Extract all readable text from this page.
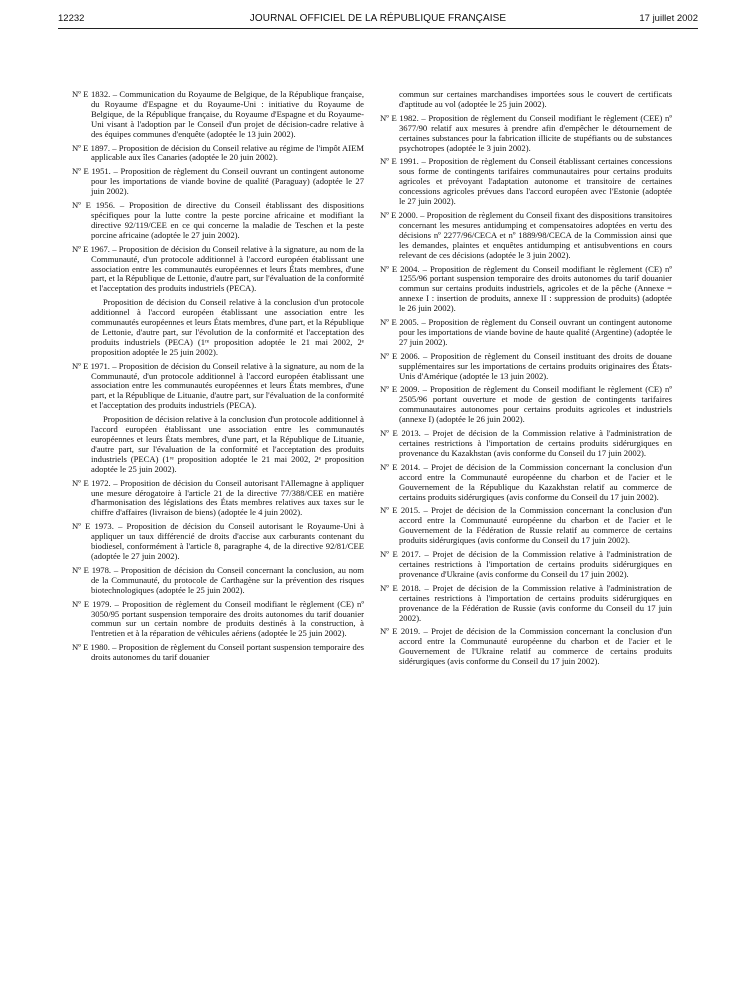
12232	JOURNAL OFFICIEL DE LA RÉPUBLIQUE FRANÇAISE	17 juillet 2002

Nº E 1832. – Communication du Royaume de Belgique, de la République française, du Royaume d'Espagne et du Royaume-Uni : initiative du Royaume de Belgique, de la République française, du Royaume d'Espagne et du Royaume-Uni visant à l'adoption par le Conseil d'un projet de décision-cadre relative à des équipes communes d'enquête (adoptée le 13 juin 2002).

Nº E 1897. – Proposition de décision du Conseil relative au régime de l'impôt AIEM applicable aux îles Canaries (adoptée le 20 juin 2002).

Nº E 1951. – Proposition de règlement du Conseil ouvrant un contingent autonome pour les importations de viande bovine de qualité (Paraguay) (adoptée le 27 juin 2002).

Nº E 1956. – Proposition de directive du Conseil établissant des dispositions spécifiques pour la lutte contre la peste porcine africaine et modifiant la directive 92/119/CEE en ce qui concerne la maladie de Teschen et la peste porcine africaine (adoptée le 27 juin 2002).

Nº E 1967. – Proposition de décision du Conseil relative à la signature, au nom de la Communauté, d'un protocole additionnel à l'accord européen établissant une association entre les communautés européennes et leurs États membres, d'une part, et la République de Lettonie, d'autre part, sur l'évaluation de la conformité et l'acceptation des produits industriels (PECA).

Proposition de décision du Conseil relative à la conclusion d'un protocole additionnel à l'accord européen établissant une association entre les communautés européennes et leurs États membres, d'une part, et la République de Lettonie, d'autre part, sur l'évolution de la conformité et l'acceptation des produits industriels (PECA) (1ʳᵉ proposition adoptée le 21 mai 2002, 2ᵉ proposition adoptée le 25 juin 2002).

Nº E 1971. – Proposition de décision du Conseil relative à la signature, au nom de la Communauté, d'un protocole additionnel à l'accord européen établissant une association entre les communautés européennes et leurs États membres, d'une part, et la République de Lituanie, d'autre part, sur l'évaluation de la conformité et l'acceptation des produits industriels (PECA).

Proposition de décision relative à la conclusion d'un protocole additionnel à l'accord européen établissant une association entre les communautés européennes et leurs États membres, d'une part, et la République de Lituanie, d'autre part, sur l'évaluation de la conformité et l'acceptation des produits industriels (PECA) (1ʳᵉ proposition adoptée le 21 mai 2002, 2ᵉ proposition adoptée le 25 juin 2002).

Nº E 1972. – Proposition de décision du Conseil autorisant l'Allemagne à appliquer une mesure dérogatoire à l'article 21 de la directive 77/388/CEE en matière d'harmonisation des législations des États membres relatives aux taxes sur le chiffre d'affaires (livraison de biens) (adoptée le 4 juin 2002).

Nº E 1973. – Proposition de décision du Conseil autorisant le Royaume-Uni à appliquer un taux différencié de droits d'accise aux carburants contenant du biodiesel, conformément à l'article 8, paragraphe 4, de la directive 92/81/CEE (adoptée le 27 juin 2002).

Nº E 1978. – Proposition de décision du Conseil concernant la conclusion, au nom de la Communauté, du protocole de Carthagène sur la prévention des risques biotechnologiques (adoptée le 25 juin 2002).

Nº E 1979. – Proposition de règlement du Conseil modifiant le règlement (CE) nº 3050/95 portant suspension temporaire des droits autonomes du tarif douanier commun sur un certain nombre de produits destinés à la construction, à l'entretien et à la réparation de véhicules aériens (adoptée le 25 juin 2002).

Nº E 1980. – Proposition de règlement du Conseil portant suspension temporaire des droits autonomes du tarif douanier

commun sur certaines marchandises importées sous le couvert de certificats d'aptitude au vol (adoptée le 25 juin 2002).

Nº E 1982. – Proposition de règlement du Conseil modifiant le règlement (CEE) nº 3677/90 relatif aux mesures à prendre afin d'empêcher le détournement de certaines substances pour la fabrication illicite de stupéfiants ou de substances psychotropes (adoptée le 3 juin 2002).

Nº E 1991. – Proposition de règlement du Conseil établissant certaines concessions sous forme de contingents tarifaires communautaires pour certains produits agricoles et prévoyant l'adaptation autonome et transitoire de certaines concessions agricoles prévues dans l'accord européen avec l'Estonie (adoptée le 27 juin 2002).

Nº E 2000. – Proposition de règlement du Conseil fixant des dispositions transitoires concernant les mesures antidumping et compensatoires adoptées en vertu des décisions nº 2277/96/CECA et nº 1889/98/CECA de la Commission ainsi que les demandes, plaintes et enquêtes antidumping et antisubventions en cours relevant de ces décisions (adoptée le 3 juin 2002).

Nº E 2004. – Proposition de règlement du Conseil modifiant le règlement (CE) nº 1255/96 portant suspension temporaire des droits autonomes du tarif douanier commun sur certains produits industriels, agricoles et de la pêche (Annexe = annexe I : insertion de produits, annexe II : suppression de produits) (adoptée le 26 juin 2002).

Nº E 2005. – Proposition de règlement du Conseil ouvrant un contingent autonome pour les importations de viande bovine de haute qualité (Argentine) (adoptée le 27 juin 2002).

Nº E 2006. – Proposition de règlement du Conseil instituant des droits de douane supplémentaires sur les importations de certains produits originaires des États-Unis d'Amérique (adoptée le 13 juin 2002).

Nº E 2009. – Proposition de règlement du Conseil modifiant le règlement (CE) nº 2505/96 portant ouverture et mode de gestion de contingents tarifaires communautaires autonomes pour certains produits agricoles et industriels (annexe I) (adoptée le 26 juin 2002).

Nº E 2013. – Projet de décision de la Commission relative à l'administration de certaines restrictions à l'importation de certains produits sidérurgiques en provenance du Kazakhstan (avis conforme du Conseil du 17 juin 2002).

Nº E 2014. – Projet de décision de la Commission concernant la conclusion d'un accord entre la Communauté européenne du charbon et de l'acier et le Gouvernement de la République du Kazakhstan relatif au commerce de certains produits sidérurgiques (avis conforme du Conseil du 17 juin 2002).

Nº E 2015. – Projet de décision de la Commission concernant la conclusion d'un accord entre la Communauté européenne du charbon et de l'acier et le Gouvernement de la Fédération de Russie relatif au commerce de certains produits sidérurgiques (avis conforme du Conseil du 17 juin 2002).

Nº E 2017. – Projet de décision de la Commission relative à l'administration de certaines restrictions à l'importation de certains produits sidérurgiques en provenance d'Ukraine (avis conforme du Conseil du 17 juin 2002).

Nº E 2018. – Projet de décision de la Commission relative à l'administration de certaines restrictions à l'importation de certains produits sidérurgiques en provenance de la Fédération de Russie (avis conforme du Conseil du 17 juin 2002).

Nº E 2019. – Projet de décision de la Commission concernant la conclusion d'un accord entre la Communauté européenne du charbon et de l'acier et le Gouvernement de l'Ukraine relatif au commerce de certains produits sidérurgiques (avis conforme du Conseil du 17 juin 2002).
